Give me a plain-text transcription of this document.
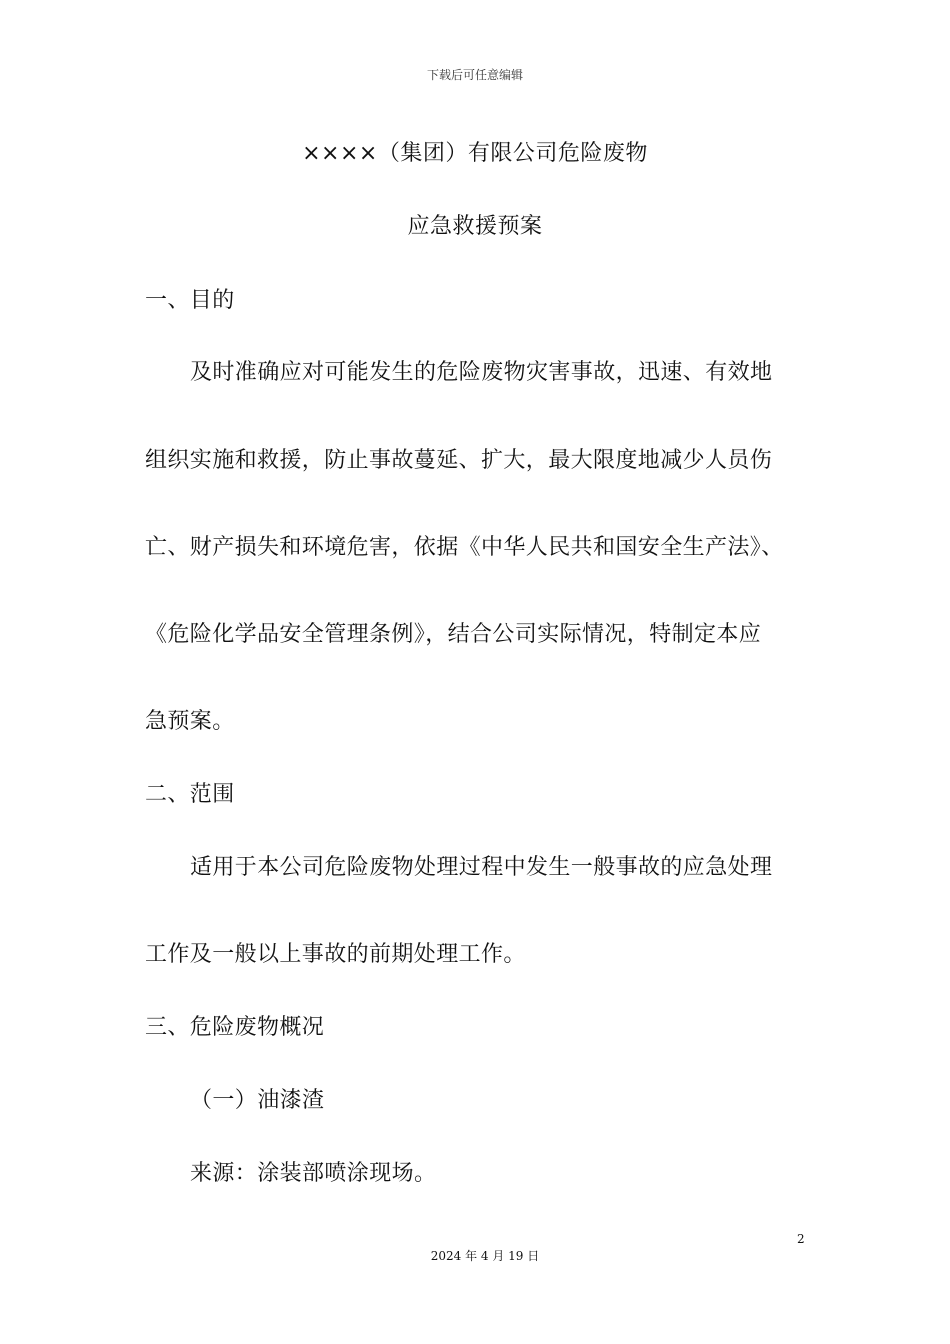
下载后可任意编辑
××××（集团）有限公司危险废物
应急救援预案
一、目的
及时准确应对可能发生的危险废物灾害事故，迅速、有效地
组织实施和救援，防止事故蔓延、扩大，最大限度地减少人员伤
亡、财产损失和环境危害，依据《中华人民共和国安全生产法》、
《危险化学品安全管理条例》，结合公司实际情况，特制定本应
急预案。
二、范围
适用于本公司危险废物处理过程中发生一般事故的应急处理
工作及一般以上事故的前期处理工作。
三、危险废物概况
（一）油漆渣
来源：涂装部喷涂现场。
2
2024 年 4 月 19 日
